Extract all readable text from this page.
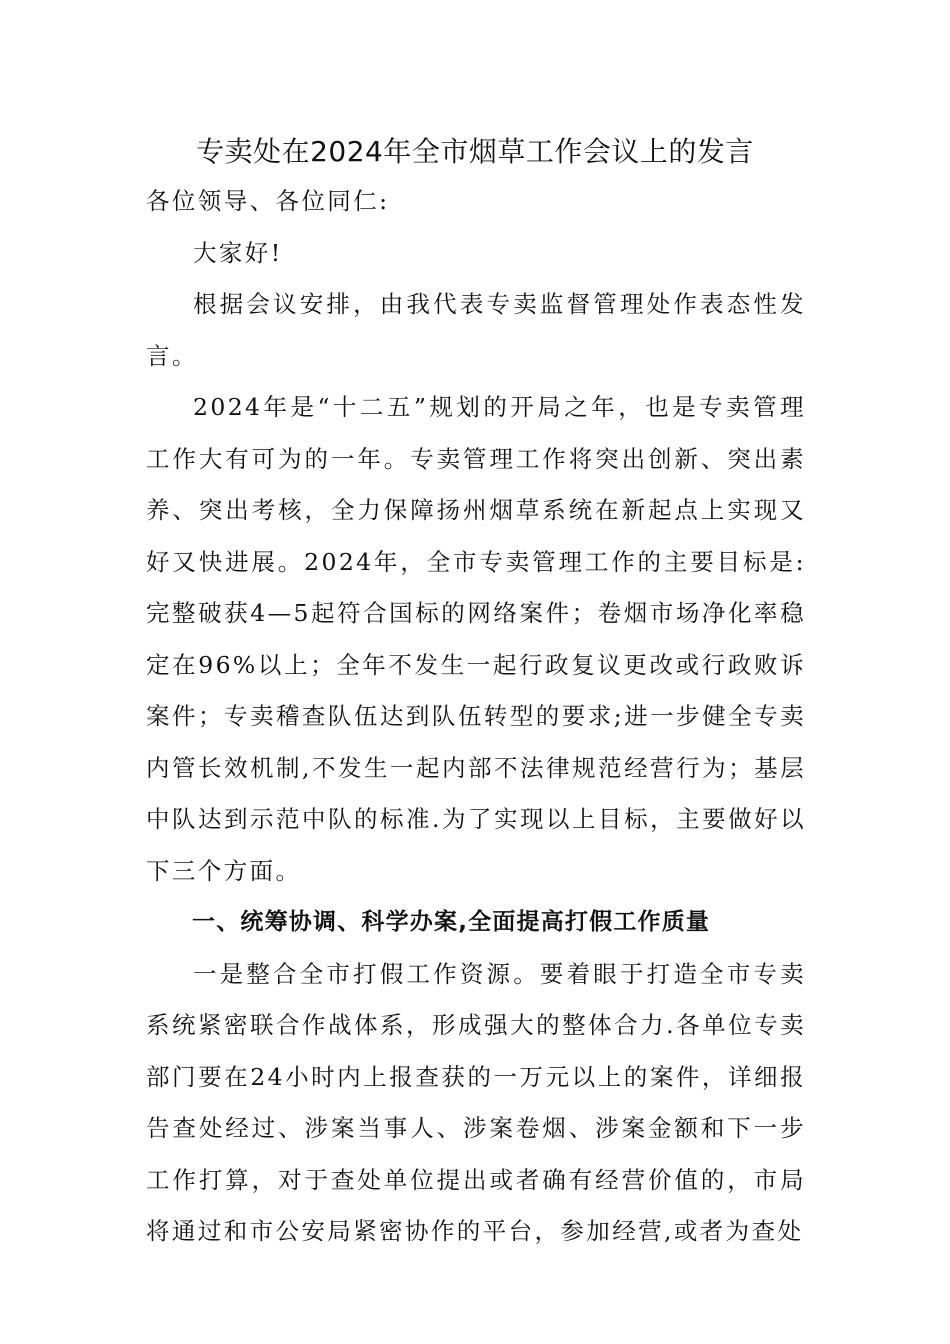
专卖处在2024年全市烟草工作会议上的发言

各位领导、各位同仁:

大家好!

根据会议安排，由我代表专卖监督管理处作表态性发言。

2024年是“十二五”规划的开局之年，也是专卖管理工作大有可为的一年。专卖管理工作将突出创新、突出素养、突出考核，全力保障扬州烟草系统在新起点上实现又好又快进展。2024年，全市专卖管理工作的主要目标是:完整破获4—5起符合国标的网络案件；卷烟市场净化率稳定在96%以上；全年不发生一起行政复议更改或行政败诉案件；专卖稽查队伍达到队伍转型的要求;进一步健全专卖内管长效机制,不发生一起内部不法律规范经营行为；基层中队达到示范中队的标准.为了实现以上目标，主要做好以下三个方面。

一、统筹协调、科学办案,全面提高打假工作质量

一是整合全市打假工作资源。要着眼于打造全市专卖系统紧密联合作战体系，形成强大的整体合力.各单位专卖部门要在24小时内上报查获的一万元以上的案件，详细报告查处经过、涉案当事人、涉案卷烟、涉案金额和下一步工作打算，对于查处单位提出或者确有经营价值的，市局将通过和市公安局紧密协作的平台，参加经营,或者为查处
